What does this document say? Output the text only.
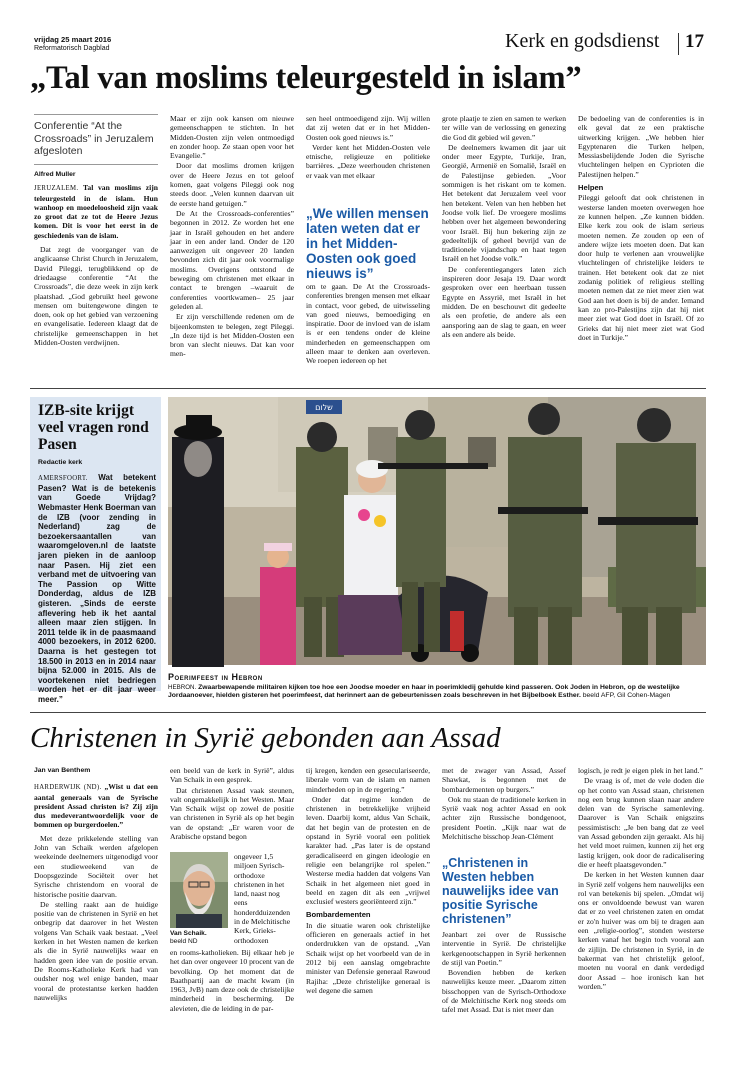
vrijdag 25 maart 2016
Reformatorisch Dagblad	Kerk en godsdienst 17
„Tal van moslims teleurgesteld in islam”
Conferentie “At the Crossroads” in Jeruzalem afgesloten
Alfred Muller

JERUZALEM. Tal van moslims zijn teleurgesteld in de islam. Hun wanhoop en moedeloosheid zijn vaak zo groot dat ze tot de Heere Jezus komen. Dit is voor het eerst in de geschiedenis van de islam.

Dat zegt de voorganger van de anglicaanse Christ Church in Jeruzalem, David Pileggi, terugblikkend op de driedaagse conferentie “At the Crossroads”, die deze week in zijn kerk plaatshad. „God gebruikt heel gewone mensen om buitengewone dingen te doen, ook op het gebied van verzoening en evangelisatie. Iedereen klaagt dat de christelijke gemeenschappen in het Midden-Oosten verdwijnen.

Maar er zijn ook kansen om nieuwe gemeenschappen te stichten. In het Midden-Oosten zijn velen ontmoedigd en zonder hoop. Ze staan open voor het Evangelie.”

Door dat moslims dromen krijgen over de Heere Jezus en tot geloof komen, gaat volgens Pileggi ook nog steeds door. „Velen kunnen daarvan uit de eerste hand getuigen.”

De At the Crossroads-conferenties” begonnen in 2012. Ze worden het ene jaar in Israël gehouden en het andere jaar in een ander land. Onder de 120 aanwezigen uit ongeveer 20 landen bevonden zich dit jaar ook voormalige moslims. Overigens ontstond de beweging om christenen met elkaar in contact te brengen –waaruit de conferenties voortkwamen– 25 jaar geleden al.

Er zijn verschillende redenen om de bijeenkomsten te belegen, zegt Pileggi. „In deze tijd is het Midden-Oosten een bron van slecht nieuws. Dat kan voor men-

sen heel ontmoedigend zijn. Wij willen dat zij weten dat er in het Midden-Oosten ook goed nieuws is.”

Verder kent het Midden-Oosten vele etnische, religieuze en politieke barrières. „Deze weerhouden christenen er vaak van met elkaar

„We willen mensen laten weten dat er in het Midden-Oosten ook goed nieuws is”

om te gaan. De At the Crossroads-conferenties brengen mensen met elkaar in contact, voor gebed, de uitwisseling van goed nieuws, bemoediging en inspiratie. Door de invloed van de islam is er een tendens onder de kleine minderheden en gemeenschappen om alleen maar te denken aan overleven. We roepen iedereen op het

grote plaatje te zien en samen te werken ter wille van de verlossing en genezing die God dit gebied wil geven.”

De deelnemers kwamen dit jaar uit onder meer Egypte, Turkije, Iran, Georgië, Armenië en Somalië, Israël en de Palestijnse gebieden. „Voor sommigen is het riskant om te komen. Het betekent dat Jeruzalem veel voor hen betekent. Velen van hen hebben het Joodse volk lief. De vroegere moslims hebben over het algemeen bewondering voor Israël. Bij hun bekering zijn ze gedeeltelijk of geheel bevrijd van de traditionele vijandschap en haat tegen Israël en het Joodse volk.”

De conferentiegangers laten zich inspireren door Jesaja 19. Daar wordt gesproken over een heerbaan tussen Egypte en Assyrië, met Israël in het midden. De en beschouwt dit gedeelte als een profetie, de andere als een aansporing aan de slag te gaan, en weer als een andere als beide.

De bedoeling van de conferenties is in elk geval dat ze een praktische uitwerking krijgen. „We hebben hier Egyptenaren die Turken helpen, Messiasbelijdende Joden die Syrische vluchtelingen helpen en Cyprioten die Palestijnen helpen.”

Helpen

Pileggi gelooft dat ook christenen in westerse landen moeten overwegen hoe ze kunnen helpen. „Ze kunnen bidden. Elke kerk zou ook de islam serieus moeten nemen. Ze zouden op een of andere wijze iets moeten doen. Dat kan door hulp te verlenen aan vrouwelijke vluchtelingen of christelijke leiders te trainen. Het betekent ook dat ze niet zodanig politiek of religieus stelling moeten nemen dat ze niet meer zien wat God aan het doen is bij de ander. Iemand kan zo pro-Palestijns zijn dat hij niet meer ziet wat God doet in Israël. Of zo Grieks dat hij niet meer ziet wat God doet in Turkije.”

IZB-site krijgt veel vragen rond Pasen
Redactie kerk

AMERSFOORT. Wat betekent Pasen? Wat is de betekenis van Goede Vrijdag? Webmaster Henk Boerman van de IZB (voor zending in Nederland) zag de bezoekersaantallen van waaromgeloven.nl de laatste jaren pieken in de aanloop naar Pasen. Hij ziet een verband met de uitvoering van The Passion op Witte Donderdag, aldus de IZB gisteren. „Sinds de eerste aflevering heb ik het aantal alleen maar zien stijgen. In 2011 telde ik in de paasmaand 4000 bezoekers, in 2012 6200. Daarna is het gestegen tot 18.500 in 2013 en in 2014 naar bijna 52.000 in 2015. Als de voortekenen niet bedriegen worden het er dit jaar weer meer.”

שלום
Poerimfeest in Hebron
HEBRON. Zwaarbewapende militairen kijken toe hoe een Joodse moeder en haar in poerimkledij gehulde kind passeren. Ook Joden in Hebron, op de westelijke Jordaanoever, hielden gisteren het poerimfeest, dat herinnert aan de gebeurtenissen zoals beschreven in het Bijbelboek Esther. beeld AFP, Gil Cohen-Magen
Christenen in Syrië gebonden aan Assad
Jan van Benthem

HARDERWIJK (ND). „Wist u dat een aantal generaals van de Syrische president Assad christen is? Zij zijn dus medeverantwoordelijk voor de bommen op burgerdoelen.”

Met deze prikkelende stelling van John van Schaik werden afgelopen weekeinde deelnemers uitgenodigd voor een studieweekend van de Doopsgezinde Sociëteit over het Syrische christendom en vooral de historische positie daarvan.

De stelling raakt aan de huidige positie van de christenen in Syrië en het onbegrip dat daarover in het Westen volgens Van Schaik vaak bestaat. „Veel kerken in het Westen namen de kerken als die in Syrië nauwelijks waar en hadden geen idee van de positie ervan. De Rooms-Katholieke Kerk had van oudsher nog wel enige banden, maar vooral de protestantse kerken hadden nauwelijks

een beeld van de kerk in Syrië”, aldus Van Schaik in een gesprek.

Dat christenen Assad vaak steunen, valt ongemakkelijk in het Westen. Maar Van Schaik wijst op zowel de positie van christenen in Syrië als op het begin van de opstand: „Er waren voor de Arabische opstand begon

Van Schaik.
beeld ND

ongeveer 1,5 miljoen Syrisch-orthodoxe christenen in het land, naast nog eens honderdduizenden in de Melchitische Kerk, Grieks-orthodoxen

en rooms-katholieken. Bij elkaar heb je het dan over ongeveer 10 procent van de bevolking. Op het moment dat de Baathpartij aan de macht kwam (in 1963, JvB) nam deze ook de christelijke minderheid in bescherming. De alevieten, die de leiding in de par-

tij kregen, kenden een geseculariseerde, liberale vorm van de islam en namen minderheden op in de regering.”

Onder dat regime konden de christenen in betrekkelijke vrijheid leven. Daarbij komt, aldus Van Schaik, dat het begin van de protesten en de opstand in Syrië vooral een politiek karakter had. „Pas later is de opstand geradicaliseerd en gingen ideologie en religie een belangrijke rol spelen.” Westerse media hadden dat volgens Van Schaik in het algemeen niet goed in beeld en zagen dit als een „vrijwel exclusief westers georiënteerd zijn.”

Bombardementen

In die situatie waren ook christelijke officieren en generaals actief in het onderdrukken van de opstand. „Van Schaik wijst op het voorbeeld van de in 2012 bij een aanslag omgebrachte minister van Defensie generaal Rawoud Rajiha: „Deze christelijke generaal is wel degene die samen

met de zwager van Assad, Assef Shawkat, is begonnen met de bombardementen op burgers.”

Ook nu staan de traditionele kerken in Syrië vaak nog achter Assad en ook achter zijn Russische bondgenoot, president Poetin. „Kijk naar wat de Melchitische bisschop Jean-Clément

„Christenen in Westen hebben nauwelijks idee van positie Syrische christenen”

Jeanbart zei over de Russische interventie in Syrië. De christelijke kerkgenootschappen in Syrië herkennen de stijl van Poetin.”

Bovendien hebben de kerken nauwelijks keuze meer. „Daarom zitten bisschoppen van de Syrisch-Orthodoxe of de Melchitische Kerk nog steeds om tafel met Assad. Dat is niet meer dan

logisch, je redt je eigen plek in het land.”

De vraag is of, met de vele doden die op het conto van Assad staan, christenen nog een brug kunnen slaan naar andere delen van de Syrische samenleving. Daarover is Van Schaik enigszins pessimistisch: „Je ben bang dat ze veel van Assad gebonden zijn geraakt. Als hij het veld moet ruimen, kunnen zij het erg lastig krijgen, ook door de radicalisering die er heeft plaatsgevonden.”

De kerken in het Westen kunnen daar in Syrië zelf volgens hem nauwelijks een rol van betekenis bij spelen. „Omdat wij ons er onvoldoende bewust van waren dat er zo veel christenen zaten en omdat er zo'n huiver was om bij te dragen aan een „religie-oorlog”, stonden westerse kerken vanaf het begin toch vooral aan de zijlijn. De christenen in Syrië, in de bakermat van het christelijk geloof, moeten nu vooral en dank verdedigd door Assad – hoe ironisch kan het worden.”
